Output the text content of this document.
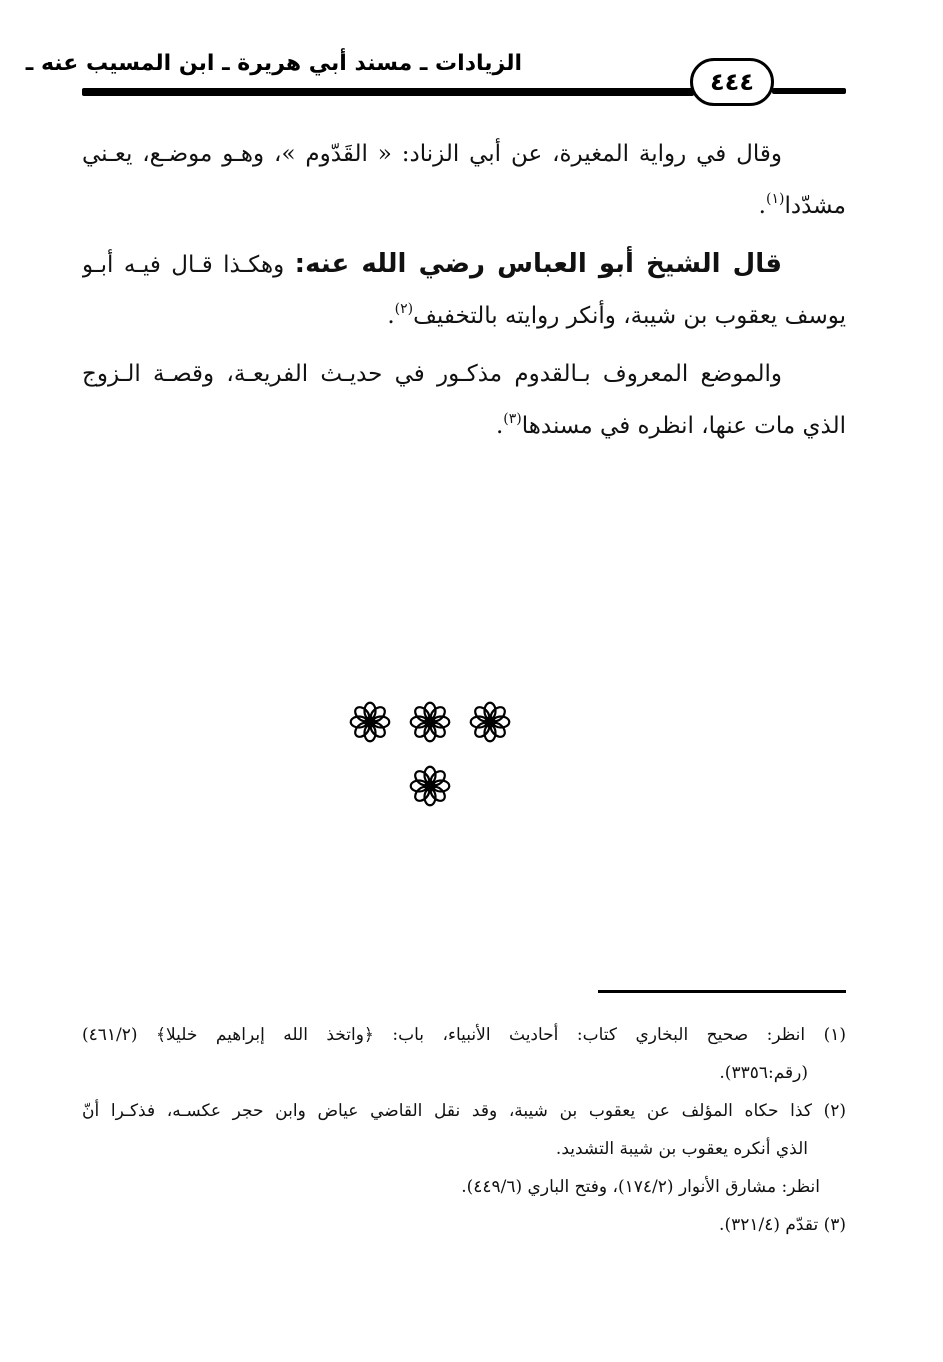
الزيادات ـ مسند أبي هريرة ـ ابن المسيب عنه ـ
٤٤٤
وقال في رواية المغيرة، عن أبي الزناد: « القَدّوم »، وهـو موضـع، يعـني
مشدّدا$^{(١)}$.
قال الشيخ أبو العباس رضي الله عنه: وهكـذا قـال فيـه أبـو
يوسف يعقوب بن شيبة، وأنكر روايته بالتخفيف$^{(٢)}$.
والموضع المعروف بـالقدوم مذكـور في حديـث الفريعـة، وقصـة الـزوج
الذي مات عنها، انظره في مسندها$^{(٣)}$.
(١) انظر: صحيح البخاري كتاب: أحاديث الأنبياء، باب: ﴿واتخذ الله إبراهيم خليلا﴾ (٤٦١/٢)
(رقم:٣٣٥٦).
(٢) كذا حكاه المؤلف عن يعقوب بن شيبة، وقد نقل القاضي عياض وابن حجر عكسـه، فذكـرا أنّ
الذي أنكره يعقوب بن شيبة التشديد.
انظر: مشارق الأنوار (١٧٤/٢)، وفتح الباري (٤٤٩/٦).
(٣) تقدّم (٣٢١/٤).
